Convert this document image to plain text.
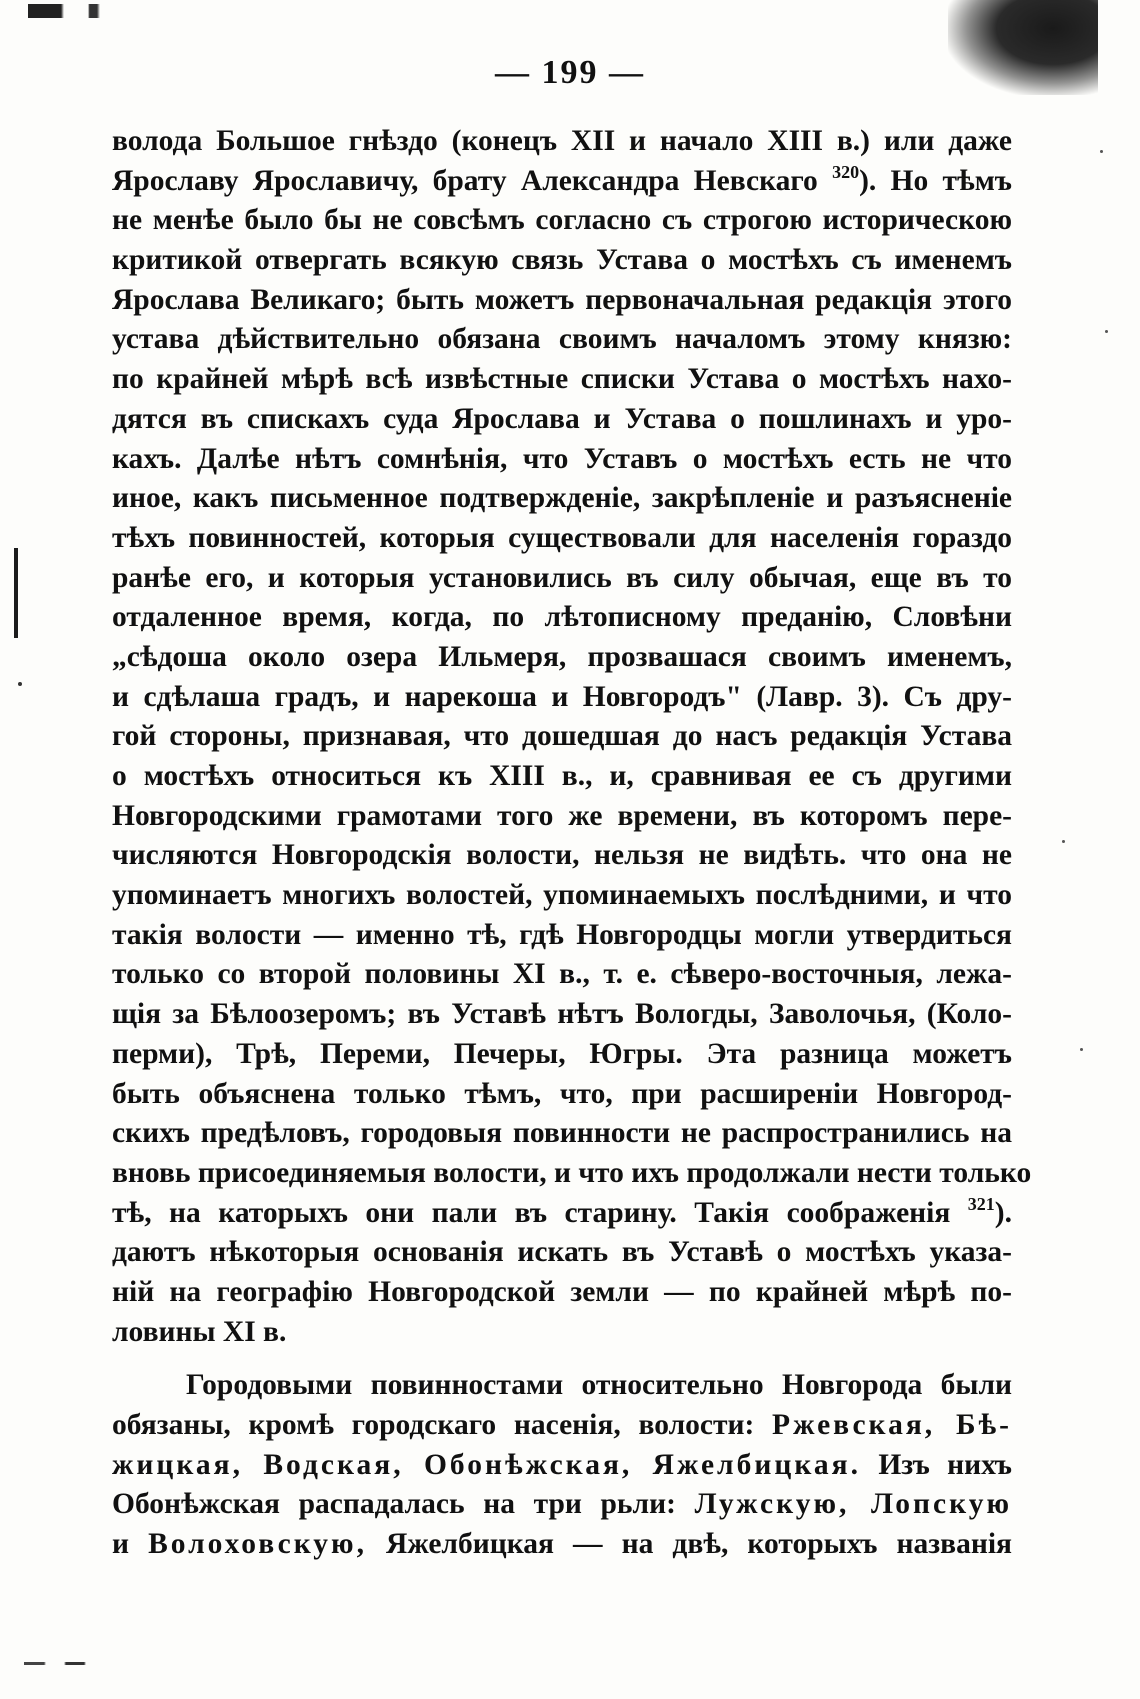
— 199 —
волода Большое гнѣздо (конецъ XII и начало XIII в.) или даже
Ярославу Ярославичу, брату Александра Невскаго $^{320}$). Но тѣмъ
не менѣе было бы не совсѣмъ согласно съ строгою историческою
критикой отвергать всякую связь Устава о мостѣхъ съ именемъ
Ярослава Великаго; быть можетъ первоначальная редакція этого
устава дѣйствительно обязана своимъ началомъ этому князю:
по крайней мѣрѣ всѣ извѣстные списки Устава о мостѣхъ нахо-
дятся въ спискахъ суда Ярослава и Устава о пошлинахъ и уро-
кахъ. Далѣе нѣтъ сомнѣнія, что Уставъ о мостѣхъ есть не что
иное, какъ письменное подтвержденіе, закрѣпленіе и разъясненіе
тѣхъ повинностей, которыя существовали для населенія гораздо
ранѣе его, и которыя установились въ силу обычая, еще въ то
отдаленное время, когда, по лѣтописному преданію, Словѣни
„сѣдоша около озера Ильмеря, прозвашася своимъ именемъ,
и сдѣлаша градъ, и нарекоша и Новгородъ" (Лавр. 3). Съ дру-
гой стороны, признавая, что дошедшая до насъ редакція Устава
о мостѣхъ относиться къ XIII в., и, сравнивая ее съ другими
Новгородскими грамотами того же времени, въ которомъ пере-
числяются Новгородскія волости, нельзя не видѣть. что она не
упоминаетъ многихъ волостей, упоминаемыхъ послѣдними, и что
такія волости — именно тѣ, гдѣ Новгородцы могли утвердиться
только со второй половины XI в., т. е. сѣверо-восточныя, лежа-
щія за Бѣлоозеромъ; въ Уставѣ нѣтъ Вологды, Заволочья, (Коло-
перми), Трѣ, Переми, Печеры, Югры. Эта разница можетъ
быть объяснена только тѣмъ, что, при расширеніи Новгород-
скихъ предѣловъ, городовыя повинности не распространились на
вновь присоединяемыя волости, и что ихъ продолжали нести только
тѣ, на каторыхъ они пали въ старину. Такія соображенія $^{321}$).
даютъ нѣкоторыя основанія искать въ Уставѣ о мостѣхъ указа-
ній на географію Новгородской земли — по крайней мѣрѣ по-
ловины XI в.
Городовыми повинностами относительно Новгорода были
обязаны, кромѣ городскаго насенія, волости: Ржевская, Бѣ-
жицкая, Водская, Обонѣжская, Яжелбицкая. Изъ нихъ
Обонѣжская распадалась на три рьли: Лужскую, Лопскую
и Волоховскую, Яжелбицкая — на двѣ, которыхъ названія
